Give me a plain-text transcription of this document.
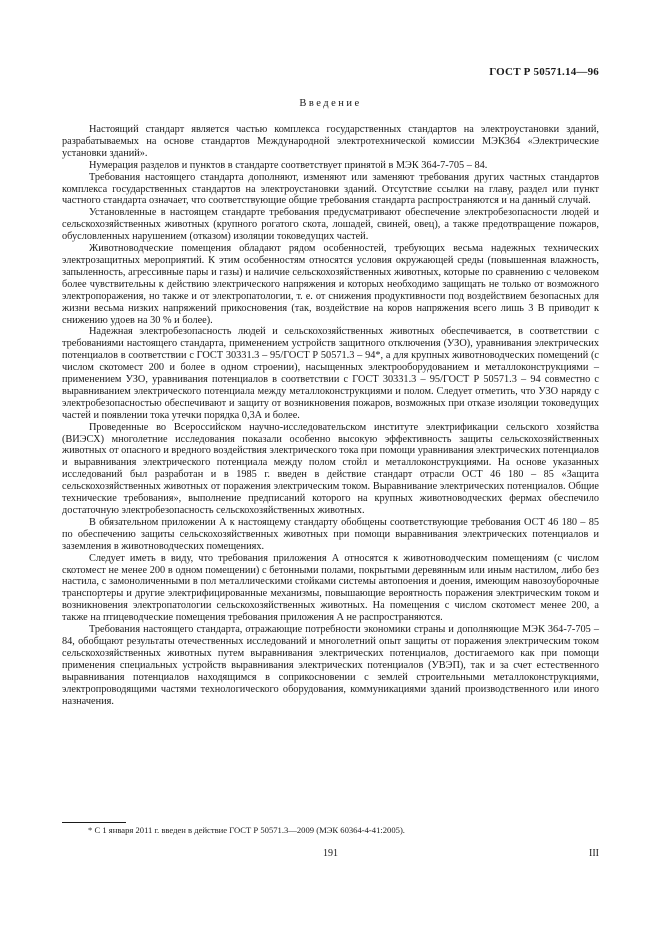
ГОСТ Р 50571.14—96
Введение

Настоящий стандарт является частью комплекса государственных стандартов на электроустановки зданий, разрабатываемых на основе стандартов Международной электротехнической комиссии МЭК364 «Электрические установки зданий».

Нумерация разделов и пунктов в стандарте соответствует принятой в МЭК 364-7-705 – 84.

Требования настоящего стандарта дополняют, изменяют или заменяют требования других частных стандартов комплекса государственных стандартов на электроустановки зданий. Отсутствие ссылки на главу, раздел или пункт частного стандарта означает, что соответствующие общие требования стандарта распространяются и на данный случай.

Установленные в настоящем стандарте требования предусматривают обеспечение электробезопасности людей и сельскохозяйственных животных (крупного рогатого скота, лошадей, свиней, овец), а также предотвращение пожаров, обусловленных нарушением (отказом) изоляции токоведущих частей.

Животноводческие помещения обладают рядом особенностей, требующих весьма надежных технических электрозащитных мероприятий. К этим особенностям относятся условия окружающей среды (повышенная влажность, запыленность, агрессивные пары и газы) и наличие сельскохозяйственных животных, которые по сравнению с человеком более чувствительны к действию электрического напряжения и которых необходимо защищать не только от возможного электропоражения, но также и от электропатологии, т. е. от снижения продуктивности под воздействием безопасных для жизни весьма низких напряжений прикосновения (так, воздействие на коров напряжения всего лишь 3 В приводит к снижению удоев на 30 % и более).

Надежная электробезопасность людей и сельскохозяйственных животных обеспечивается, в соответствии с требованиями настоящего стандарта, применением устройств защитного отключения (УЗО), уравнивания электрических потенциалов в соответствии с ГОСТ 30331.3 – 95/ГОСТ Р 50571.3 – 94*, а для крупных животноводческих помещений (с числом скотомест 200 и более в одном строении), насыщенных электрооборудованием и металлоконструкциями – применением УЗО, уравнивания потенциалов в соответствии с ГОСТ 30331.3 – 95/ГОСТ Р 50571.3 – 94 совместно с выравниванием электрического потенциала между металлоконструкциями и полом. Следует отметить, что УЗО наряду с электробезопасностью обеспечивают и защиту от возникновения пожаров, возможных при отказе изоляции токоведущих частей и появлении тока утечки порядка 0,3А и более.

Проведенные во Всероссийском научно-исследовательском институте электрификации сельского хозяйства (ВИЭСХ) многолетние исследования показали особенно высокую эффективность защиты сельскохозяйственных животных от опасного и вредного воздействия электрического тока при помощи уравнивания электрических потенциалов и выравнивания электрического потенциала между полом стойл и металлоконструкциями. На основе указанных исследований был разработан и в 1985 г. введен в действие стандарт отрасли ОСТ 46 180 – 85 «Защита сельскохозяйственных животных от поражения электрическим током. Выравнивание электрических потенциалов. Общие технические требования», выполнение предписаний которого на крупных животноводческих фермах обеспечило достаточную электробезопасность сельскохозяйственных животных.

В обязательном приложении А к настоящему стандарту обобщены соответствующие требования ОСТ 46 180 – 85 по обеспечению защиты сельскохозяйственных животных при помощи выравнивания электрических потенциалов и заземления в животноводческих помещениях.

Следует иметь в виду, что требования приложения А относятся к животноводческим помещениям (с числом скотомест не менее 200 в одном помещении) с бетонными полами, покрытыми деревянным или иным настилом, либо без настила, с замоноличенными в пол металлическими стойками системы автопоения и доения, имеющим навозоуборочные транспортеры и другие электрифицированные механизмы, повышающие вероятность поражения электрическим током и возникновения электропатологии сельскохозяйственных животных. На помещения с числом скотомест менее 200, а также на птицеводческие помещения требования приложения А не распространяются.

Требования настоящего стандарта, отражающие потребности экономики страны и дополняющие МЭК 364-7-705 – 84, обобщают результаты отечественных исследований и многолетний опыт защиты от поражения электрическим током сельскохозяйственных животных путем выравнивания электрических потенциалов, достигаемого как при помощи применения специальных устройств выравнивания электрических потенциалов (УВЭП), так и за счет естественного выравнивания потенциалов находящимся в соприкосновении с землей строительными металлоконструкциями, электропроводящими частями технологического оборудования, коммуникациями зданий производственного или иного назначения.

* С 1 января 2011 г. введен в действие ГОСТ Р 50571.3—2009 (МЭК 60364-4-41:2005).
191	III
